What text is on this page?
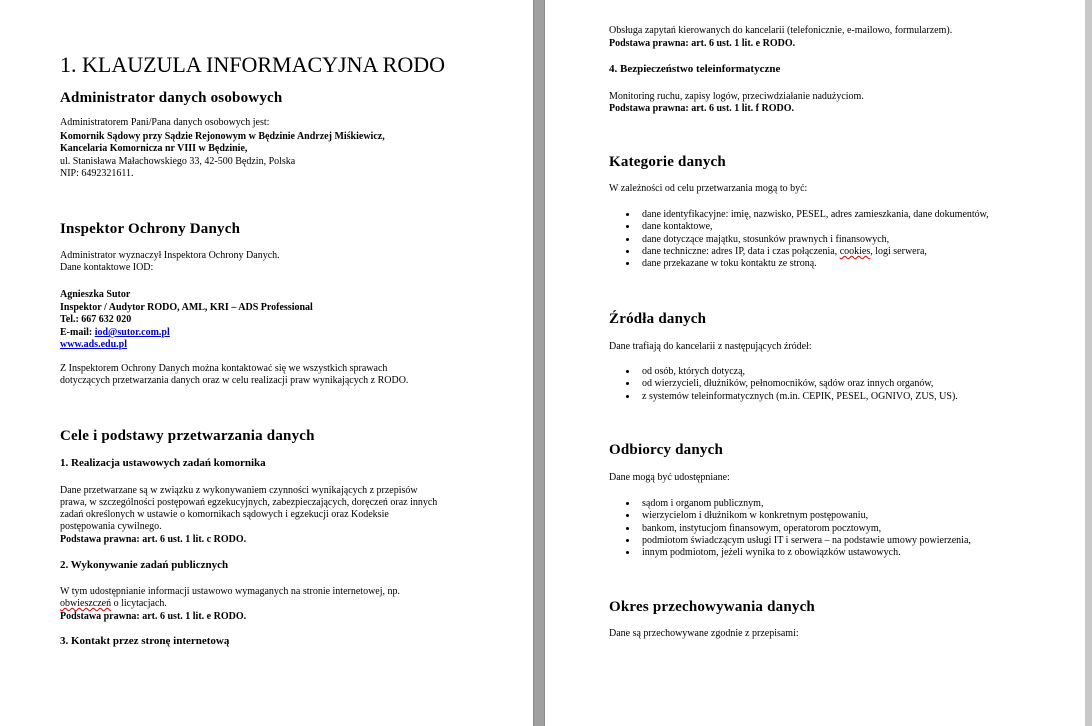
1. KLAUZULA INFORMACYJNA RODO
Administrator danych osobowych
Administratorem Pani/Pana danych osobowych jest:
Komornik Sądowy przy Sądzie Rejonowym w Będzinie Andrzej Miśkiewicz,
Kancelaria Komornicza nr VIII w Będzinie,
ul. Stanisława Małachowskiego 33, 42-500 Będzin, Polska
NIP: 6492321611.
Inspektor Ochrony Danych
Administrator wyznaczył Inspektora Ochrony Danych.
Dane kontaktowe IOD:
Agnieszka Sutor
Inspektor / Audytor RODO, AML, KRI – ADS Professional
Tel.: 667 632 020
E-mail: iod@sutor.com.pl
www.ads.edu.pl
Z Inspektorem Ochrony Danych można kontaktować się we wszystkich sprawach
dotyczących przetwarzania danych oraz w celu realizacji praw wynikających z RODO.
Cele i podstawy przetwarzania danych
1. Realizacja ustawowych zadań komornika
Dane przetwarzane są w związku z wykonywaniem czynności wynikających z przepisów
prawa, w szczególności postępowań egzekucyjnych, zabezpieczających, doręczeń oraz innych
zadań określonych w ustawie o komornikach sądowych i egzekucji oraz Kodeksie
postępowania cywilnego.
Podstawa prawna: art. 6 ust. 1 lit. c RODO.
2. Wykonywanie zadań publicznych
W tym udostępnianie informacji ustawowo wymaganych na stronie internetowej, np.
obwieszczeń o licytacjach.
Podstawa prawna: art. 6 ust. 1 lit. e RODO.
3. Kontakt przez stronę internetową
Obsługa zapytań kierowanych do kancelarii (telefonicznie, e-mailowo, formularzem).
Podstawa prawna: art. 6 ust. 1 lit. e RODO.
4. Bezpieczeństwo teleinformatyczne
Monitoring ruchu, zapisy logów, przeciwdziałanie nadużyciom.
Podstawa prawna: art. 6 ust. 1 lit. f RODO.
Kategorie danych
W zależności od celu przetwarzania mogą to być:
dane identyfikacyjne: imię, nazwisko, PESEL, adres zamieszkania, dane dokumentów,
dane kontaktowe,
dane dotyczące majątku, stosunków prawnych i finansowych,
dane techniczne: adres IP, data i czas połączenia, cookies, logi serwera,
dane przekazane w toku kontaktu ze stroną.
Źródła danych
Dane trafiają do kancelarii z następujących źródeł:
od osób, których dotyczą,
od wierzycieli, dłużników, pełnomocników, sądów oraz innych organów,
z systemów teleinformatycznych (m.in. CEPIK, PESEL, OGNIVO, ZUS, US).
Odbiorcy danych
Dane mogą być udostępniane:
sądom i organom publicznym,
wierzycielom i dłużnikom w konkretnym postępowaniu,
bankom, instytucjom finansowym, operatorom pocztowym,
podmiotom świadczącym usługi IT i serwera – na podstawie umowy powierzenia,
innym podmiotom, jeżeli wynika to z obowiązków ustawowych.
Okres przechowywania danych
Dane są przechowywane zgodnie z przepisami:
